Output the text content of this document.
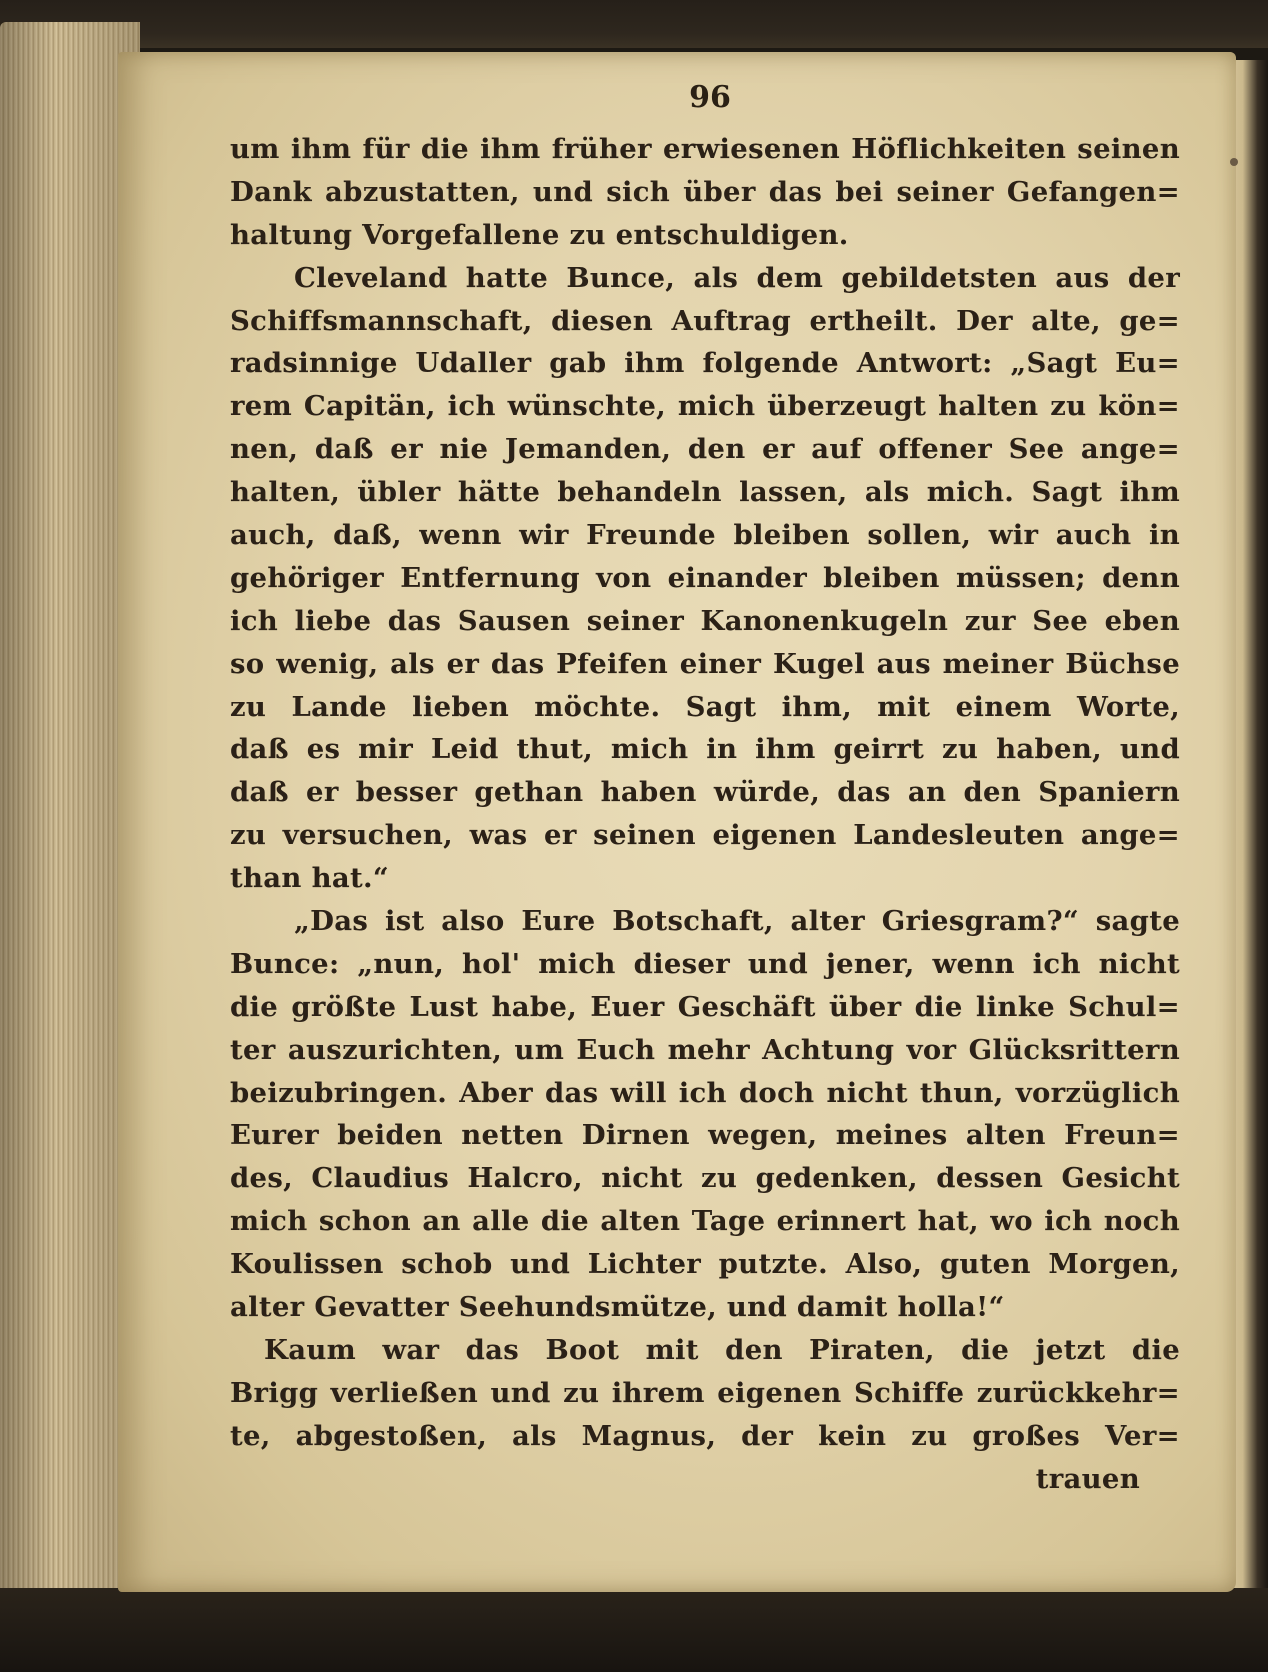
96
um ihm für die ihm früher erwiesenen Höflichkeiten seinen
Dank abzustatten, und sich über das bei seiner Gefangen=
haltung Vorgefallene zu entschuldigen.
Cleveland hatte Bunce, als dem gebildetsten aus der
Schiffsmannschaft, diesen Auftrag ertheilt. Der alte, ge=
radsinnige Udaller gab ihm folgende Antwort: „Sagt Eu=
rem Capitän, ich wünschte, mich überzeugt halten zu kön=
nen, daß er nie Jemanden, den er auf offener See ange=
halten, übler hätte behandeln lassen, als mich. Sagt ihm
auch, daß, wenn wir Freunde bleiben sollen, wir auch in
gehöriger Entfernung von einander bleiben müssen; denn
ich liebe das Sausen seiner Kanonenkugeln zur See eben
so wenig, als er das Pfeifen einer Kugel aus meiner Büchse
zu Lande lieben möchte. Sagt ihm, mit einem Worte,
daß es mir Leid thut, mich in ihm geirrt zu haben, und
daß er besser gethan haben würde, das an den Spaniern
zu versuchen, was er seinen eigenen Landesleuten ange=
than hat.“
„Das ist also Eure Botschaft, alter Griesgram?“ sagte
Bunce: „nun, hol' mich dieser und jener, wenn ich nicht
die größte Lust habe, Euer Geschäft über die linke Schul=
ter auszurichten, um Euch mehr Achtung vor Glücksrittern
beizubringen. Aber das will ich doch nicht thun, vorzüglich
Eurer beiden netten Dirnen wegen, meines alten Freun=
des, Claudius Halcro, nicht zu gedenken, dessen Gesicht
mich schon an alle die alten Tage erinnert hat, wo ich noch
Koulissen schob und Lichter putzte. Also, guten Morgen,
alter Gevatter Seehundsmütze, und damit holla!“
Kaum war das Boot mit den Piraten, die jetzt die
Brigg verließen und zu ihrem eigenen Schiffe zurückkehr=
te, abgestoßen, als Magnus, der kein zu großes Ver=
trauen
